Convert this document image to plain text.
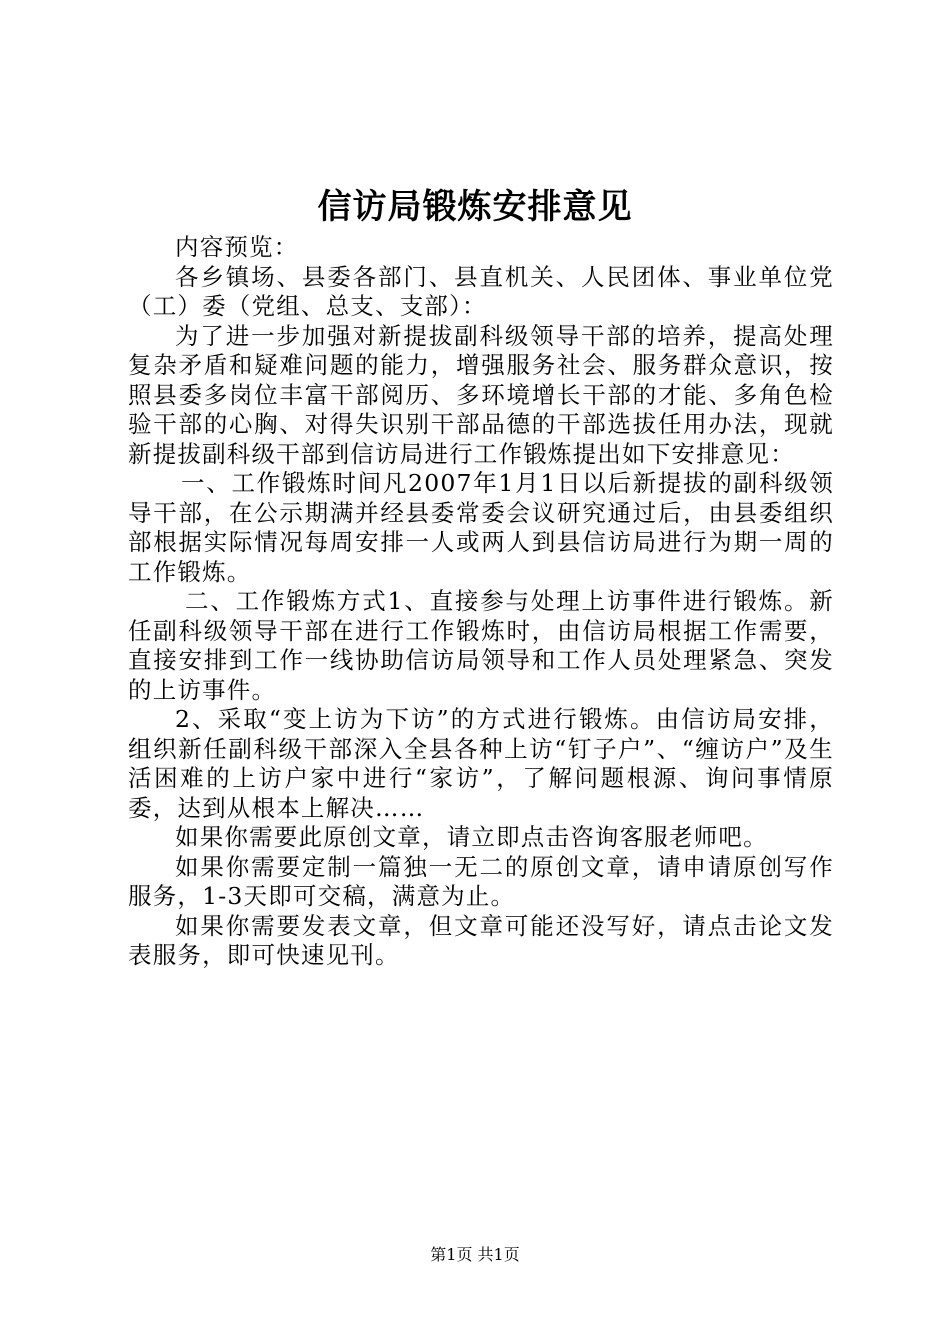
信访局锻炼安排意见

内容预览：

各乡镇场、县委各部门、县直机关、人民团体、事业单位党（工）委（党组、总支、支部）：

为了进一步加强对新提拔副科级领导干部的培养，提高处理复杂矛盾和疑难问题的能力，增强服务社会、服务群众意识，按照县委多岗位丰富干部阅历、多环境增长干部的才能、多角色检验干部的心胸、对得失识别干部品德的干部选拔任用办法，现就新提拔副科级干部到信访局进行工作锻炼提出如下安排意见：

一、工作锻炼时间凡2007年1月1日以后新提拔的副科级领导干部，在公示期满并经县委常委会议研究通过后，由县委组织部根据实际情况每周安排一人或两人到县信访局进行为期一周的工作锻炼。

二、工作锻炼方式1、直接参与处理上访事件进行锻炼。新任副科级领导干部在进行工作锻炼时，由信访局根据工作需要，直接安排到工作一线协助信访局领导和工作人员处理紧急、突发的上访事件。

2、采取“变上访为下访”的方式进行锻炼。由信访局安排，组织新任副科级干部深入全县各种上访“钉子户”、“缠访户”及生活困难的上访户家中进行“家访”，了解问题根源、询问事情原委，达到从根本上解决……

如果你需要此原创文章，请立即点击咨询客服老师吧。

如果你需要定制一篇独一无二的原创文章，请申请原创写作服务，1-3天即可交稿，满意为止。

如果你需要发表文章，但文章可能还没写好，请点击论文发表服务，即可快速见刊。

第1页 共1页
